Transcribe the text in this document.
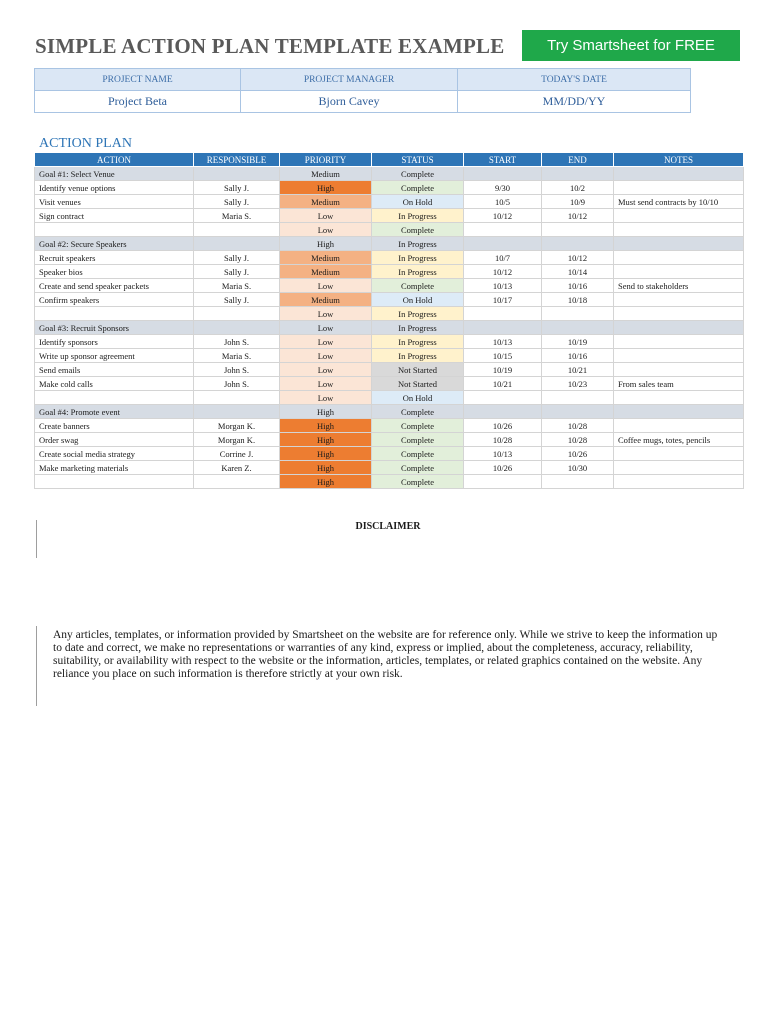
SIMPLE ACTION PLAN TEMPLATE EXAMPLE	Try Smartsheet for FREE
PROJECT NAME	PROJECT MANAGER	TODAY'S DATE
Project Beta	Bjorn Cavey	MM/DD/YY
ACTION PLAN
ACTION	RESPONSIBLE	PRIORITY	STATUS	START	END	NOTES
Goal #1: Select Venue		Medium	Complete			
Identify venue options	Sally J.	High	Complete	9/30	10/2	
Visit venues	Sally J.	Medium	On Hold	10/5	10/9	Must send contracts by 10/10
Sign contract	Maria S.	Low	In Progress	10/12	10/12	
		Low	Complete			
Goal #2: Secure Speakers		High	In Progress			
Recruit speakers	Sally J.	Medium	In Progress	10/7	10/12	
Speaker bios	Sally J.	Medium	In Progress	10/12	10/14	
Create and send speaker packets	Maria S.	Low	Complete	10/13	10/16	Send to stakeholders
Confirm speakers	Sally J.	Medium	On Hold	10/17	10/18	
		Low	In Progress			
Goal #3: Recruit Sponsors		Low	In Progress			
Identify sponsors	John S.	Low	In Progress	10/13	10/19	
Write up sponsor agreement	Maria S.	Low	In Progress	10/15	10/16	
Send emails	John S.	Low	Not Started	10/19	10/21	
Make cold calls	John S.	Low	Not Started	10/21	10/23	From sales team
		Low	On Hold			
Goal #4: Promote event		High	Complete			
Create banners	Morgan K.	High	Complete	10/26	10/28	
Order swag	Morgan K.	High	Complete	10/28	10/28	Coffee mugs, totes, pencils
Create social media strategy	Corrine J.	High	Complete	10/13	10/26	
Make marketing materials	Karen Z.	High	Complete	10/26	10/30	
		High	Complete			
DISCLAIMER
Any articles, templates, or information provided by Smartsheet on the website are for reference only. While we strive to keep the information up to date and correct, we make no representations or warranties of any kind, express or implied, about the completeness, accuracy, reliability, suitability, or availability with respect to the website or the information, articles, templates, or related graphics contained on the website. Any reliance you place on such information is therefore strictly at your own risk.
